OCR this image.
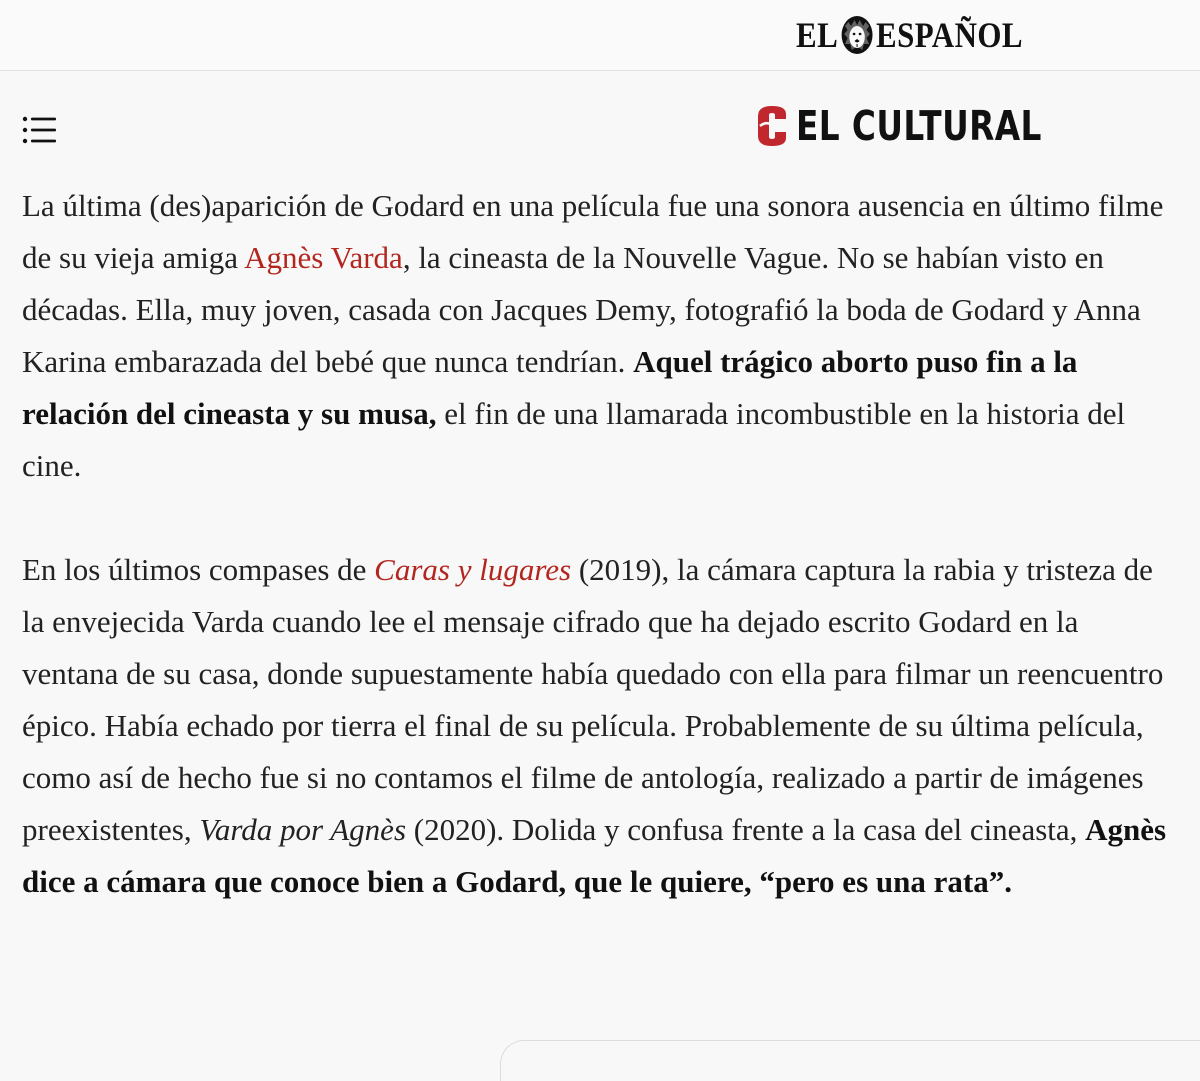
EL ESPAÑOL
EL CULTURAL

La última (des)aparición de Godard en una película fue una sonora ausencia en último filme de su vieja amiga Agnès Varda, la cineasta de la Nouvelle Vague. No se habían visto en décadas. Ella, muy joven, casada con Jacques Demy, fotografió la boda de Godard y Anna Karina embarazada del bebé que nunca tendrían. Aquel trágico aborto puso fin a la relación del cineasta y su musa, el fin de una llamarada incombustible en la historia del cine.

En los últimos compases de Caras y lugares (2019), la cámara captura la rabia y tristeza de la envejecida Varda cuando lee el mensaje cifrado que ha dejado escrito Godard en la ventana de su casa, donde supuestamente había quedado con ella para filmar un reencuentro épico. Había echado por tierra el final de su película. Probablemente de su última película, como así de hecho fue si no contamos el filme de antología, realizado a partir de imágenes preexistentes, Varda por Agnès (2020). Dolida y confusa frente a la casa del cineasta, Agnès dice a cámara que conoce bien a Godard, que le quiere, “pero es una rata”.
